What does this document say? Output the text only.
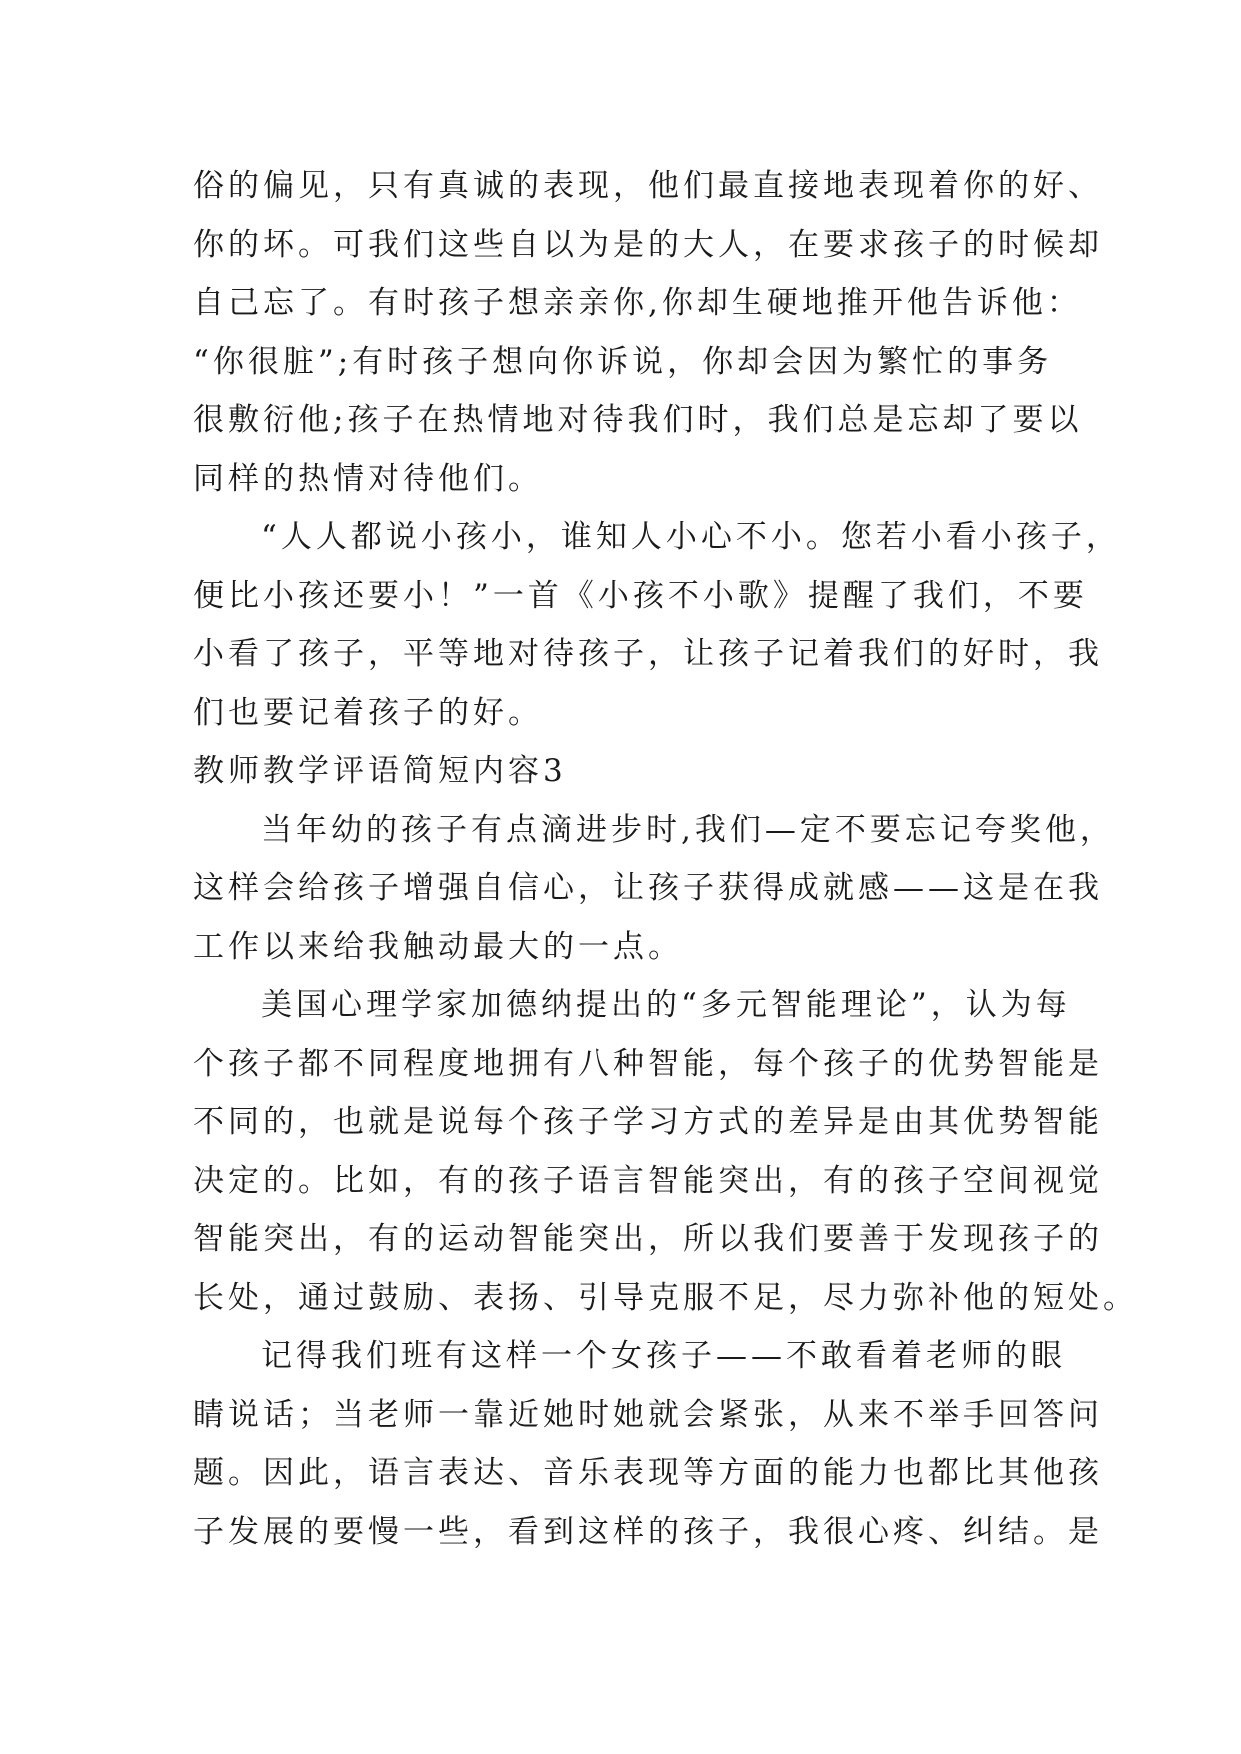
俗的偏见，只有真诚的表现，他们最直接地表现着你的好、
你的坏。可我们这些自以为是的大人，在要求孩子的时候却
自己忘了。有时孩子想亲亲你,你却生硬地推开他告诉他：
“你很脏”;有时孩子想向你诉说，你却会因为繁忙的事务
很敷衍他;孩子在热情地对待我们时，我们总是忘却了要以
同样的热情对待他们。
“人人都说小孩小，谁知人小心不小。您若小看小孩子，
便比小孩还要小！”一首《小孩不小歌》提醒了我们，不要
小看了孩子，平等地对待孩子，让孩子记着我们的好时，我
们也要记着孩子的好。
教师教学评语简短内容3
当年幼的孩子有点滴进步时,我们—定不要忘记夸奖他，
这样会给孩子增强自信心，让孩子获得成就感——这是在我
工作以来给我触动最大的一点。
美国心理学家加德纳提出的“多元智能理论”，认为每
个孩子都不同程度地拥有八种智能，每个孩子的优势智能是
不同的，也就是说每个孩子学习方式的差异是由其优势智能
决定的。比如，有的孩子语言智能突出，有的孩子空间视觉
智能突出，有的运动智能突出，所以我们要善于发现孩子的
长处，通过鼓励、表扬、引导克服不足，尽力弥补他的短处。
记得我们班有这样一个女孩子——不敢看着老师的眼
睛说话；当老师一靠近她时她就会紧张，从来不举手回答问
题。因此，语言表达、音乐表现等方面的能力也都比其他孩
子发展的要慢一些，看到这样的孩子，我很心疼、纠结。是
